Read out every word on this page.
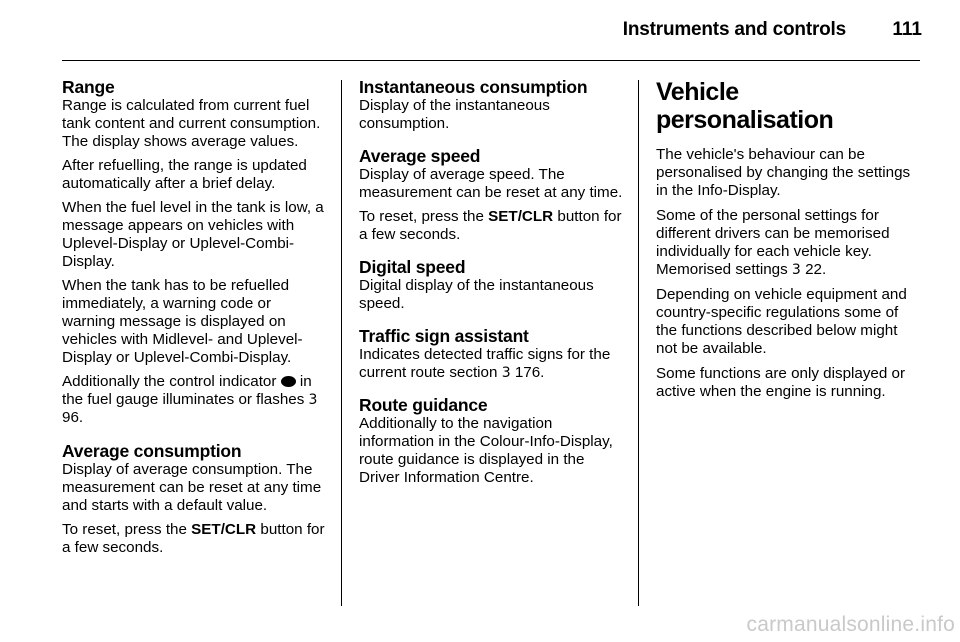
Instruments and controls	111
Range

Range is calculated from current fuel tank content and current consumption. The display shows average values.

After refuelling, the range is updated automatically after a brief delay.

When the fuel level in the tank is low, a message appears on vehicles with Uplevel-Display or Uplevel-Combi-Display.

When the tank has to be refuelled immediately, a warning code or warning message is displayed on vehicles with Midlevel- and Uplevel-Display or Uplevel-Combi-Display.

Additionally the control indicator in the fuel gauge illuminates or flashes 3 96.

Average consumption

Display of average consumption. The measurement can be reset at any time and starts with a default value.

To reset, press the SET/CLR button for a few seconds.

Instantaneous consumption

Display of the instantaneous consumption.

Average speed

Display of average speed. The measurement can be reset at any time.

To reset, press the SET/CLR button for a few seconds.

Digital speed

Digital display of the instantaneous speed.

Traffic sign assistant

Indicates detected traffic signs for the current route section 3 176.

Route guidance

Additionally to the navigation information in the Colour-Info-Display, route guidance is displayed in the Driver Information Centre.

Vehicle personalisation

The vehicle's behaviour can be personalised by changing the settings in the Info-Display.

Some of the personal settings for different drivers can be memorised individually for each vehicle key. Memorised settings 3 22.

Depending on vehicle equipment and country-specific regulations some of the functions described below might not be available.

Some functions are only displayed or active when the engine is running.

carmanualsonline.info
